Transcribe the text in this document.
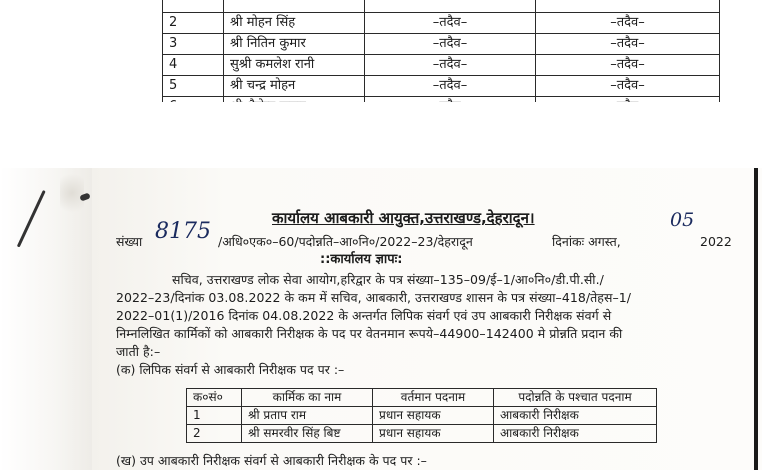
2	श्री मोहन सिंह	–तदैव–	–तदैव–
3	श्री नितिन कुमार	–तदैव–	–तदैव–
4	सुश्री कमलेश रानी	–तदैव–	–तदैव–
5	श्री चन्द्र मोहन	–तदैव–	–तदैव–

कार्यालय आबकारी आयुक्त,उत्तराखण्ड,देहरादून।
संख्या 8175 /अधि०एक०–60/पदोन्नति–आ०नि०/2022–23/देहरादून	दिनांकः अगस्त,
05
2022
::कार्यालय ज्ञापः:
सचिव, उत्तराखण्ड लोक सेवा आयोग,हरिद्वार के पत्र संख्या–135–09/ई–1/आ०नि०/डी.पी.सी./
2022–23/दिनांक 03.08.2022 के कम में सचिव, आबकारी, उत्तराखण्ड शासन के पत्र संख्या–418/तेहस–1/
2022–01(1)/2016 दिनांक 04.08.2022 के अन्तर्गत लिपिक संवर्ग एवं उप आबकारी निरीक्षक संवर्ग से
निम्नलिखित कार्मिकों को आबकारी निरीक्षक के पद पर वेतनमान रूपये–44900–142400 मे प्रोन्नति प्रदान की
जाती है:–
(क) लिपिक संवर्ग से आबकारी निरीक्षक पद पर :–
क०सं०	कार्मिक का नाम	वर्तमान पदनाम	पदोन्नति के पश्चात पदनाम
1	श्री प्रताप राम	प्रधान सहायक	आबकारी निरीक्षक
2	श्री समरवीर सिंह बिष्ट	प्रधान सहायक	आबकारी निरीक्षक
(ख) उप आबकारी निरीक्षक संवर्ग से आबकारी निरीक्षक के पद पर :–
